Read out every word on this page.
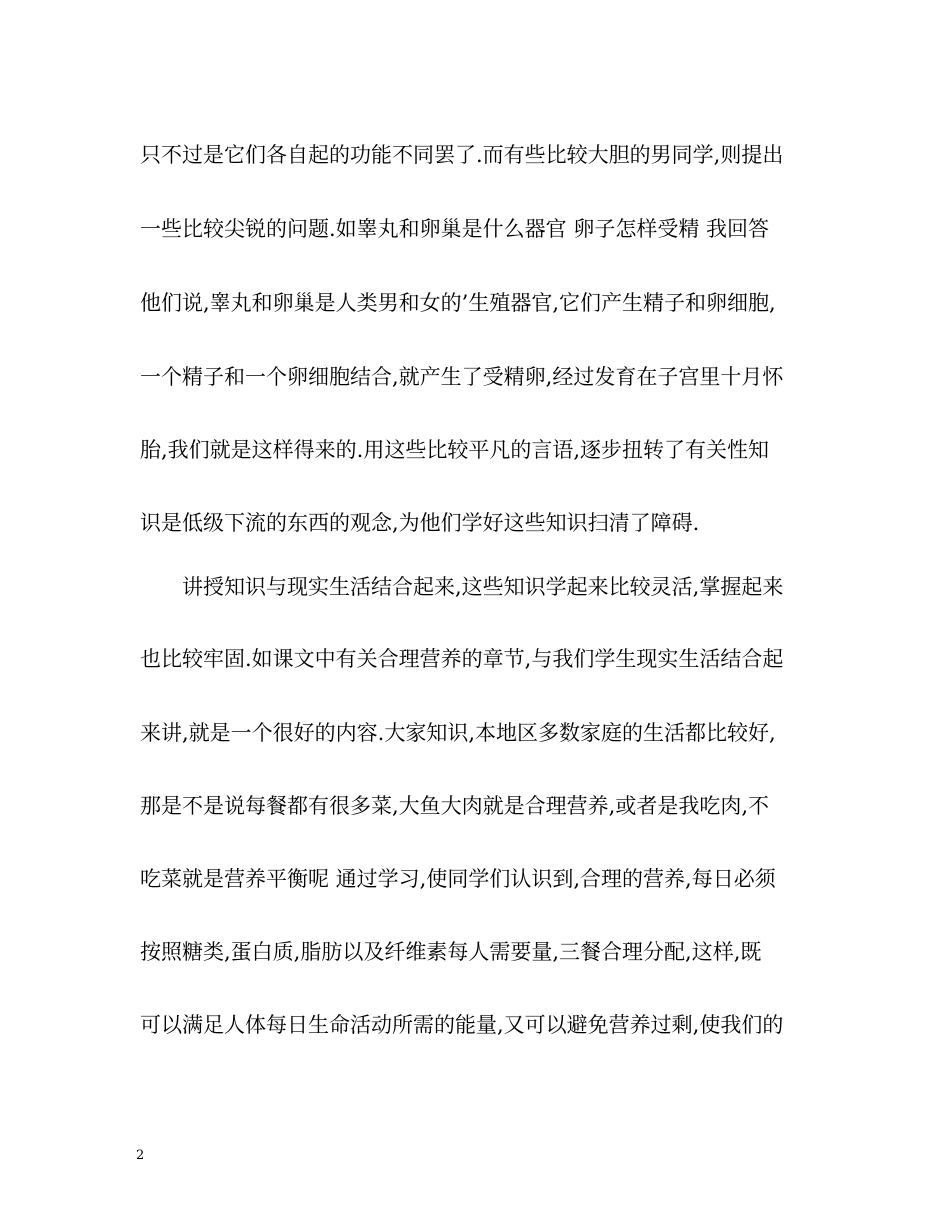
只不过是它们各自起的功能不同罢了.而有些比较大胆的男同学,则提出
一些比较尖锐的问题.如睾丸和卵巢是什么器官 卵子怎样受精 我回答
他们说,睾丸和卵巢是人类男和女的’生殖器官,它们产生精子和卵细胞,
一个精子和一个卵细胞结合,就产生了受精卵,经过发育在子宫里十月怀
胎,我们就是这样得来的.用这些比较平凡的言语,逐步扭转了有关性知
识是低级下流的东西的观念,为他们学好这些知识扫清了障碍.
讲授知识与现实生活结合起来,这些知识学起来比较灵活,掌握起来
也比较牢固.如课文中有关合理营养的章节,与我们学生现实生活结合起
来讲,就是一个很好的内容.大家知识,本地区多数家庭的生活都比较好,
那是不是说每餐都有很多菜,大鱼大肉就是合理营养,或者是我吃肉,不
吃菜就是营养平衡呢 通过学习,使同学们认识到,合理的营养,每日必须
按照糖类,蛋白质,脂肪以及纤维素每人需要量,三餐合理分配,这样,既
可以满足人体每日生命活动所需的能量,又可以避免营养过剩,使我们的
2
